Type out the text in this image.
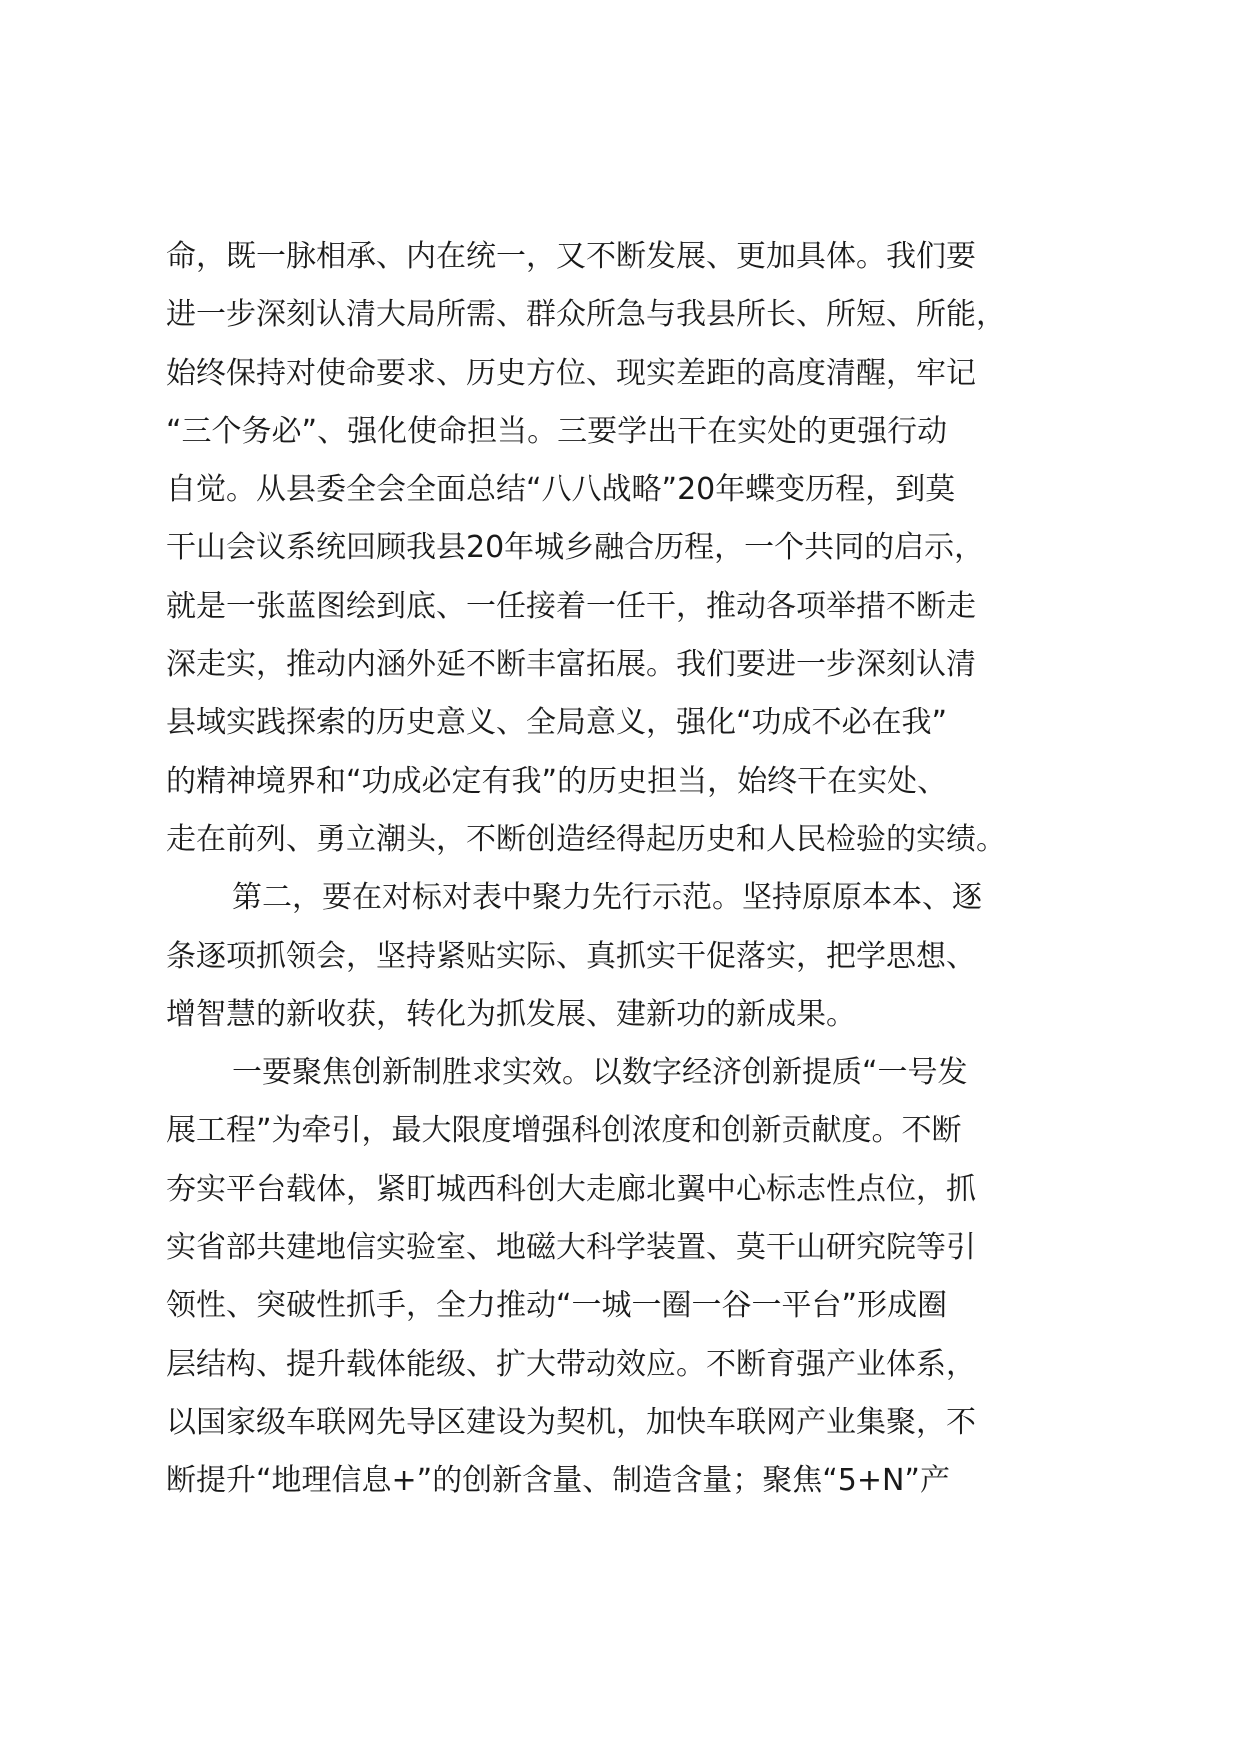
命，既一脉相承、内在统一，又不断发展、更加具体。我们要
进一步深刻认清大局所需、群众所急与我县所长、所短、所能，
始终保持对使命要求、历史方位、现实差距的高度清醒，牢记
“三个务必”、强化使命担当。三要学出干在实处的更强行动
自觉。从县委全会全面总结“八八战略”20年蝶变历程，到莫
干山会议系统回顾我县20年城乡融合历程，一个共同的启示，
就是一张蓝图绘到底、一任接着一任干，推动各项举措不断走
深走实，推动内涵外延不断丰富拓展。我们要进一步深刻认清
县域实践探索的历史意义、全局意义，强化“功成不必在我”
的精神境界和“功成必定有我”的历史担当，始终干在实处、
走在前列、勇立潮头，不断创造经得起历史和人民检验的实绩。
第二，要在对标对表中聚力先行示范。坚持原原本本、逐
条逐项抓领会，坚持紧贴实际、真抓实干促落实，把学思想、
增智慧的新收获，转化为抓发展、建新功的新成果。
一要聚焦创新制胜求实效。以数字经济创新提质“一号发
展工程”为牵引，最大限度增强科创浓度和创新贡献度。不断
夯实平台载体，紧盯城西科创大走廊北翼中心标志性点位，抓
实省部共建地信实验室、地磁大科学装置、莫干山研究院等引
领性、突破性抓手，全力推动“一城一圈一谷一平台”形成圈
层结构、提升载体能级、扩大带动效应。不断育强产业体系，
以国家级车联网先导区建设为契机，加快车联网产业集聚，不
断提升“地理信息+”的创新含量、制造含量；聚焦“5+N”产
